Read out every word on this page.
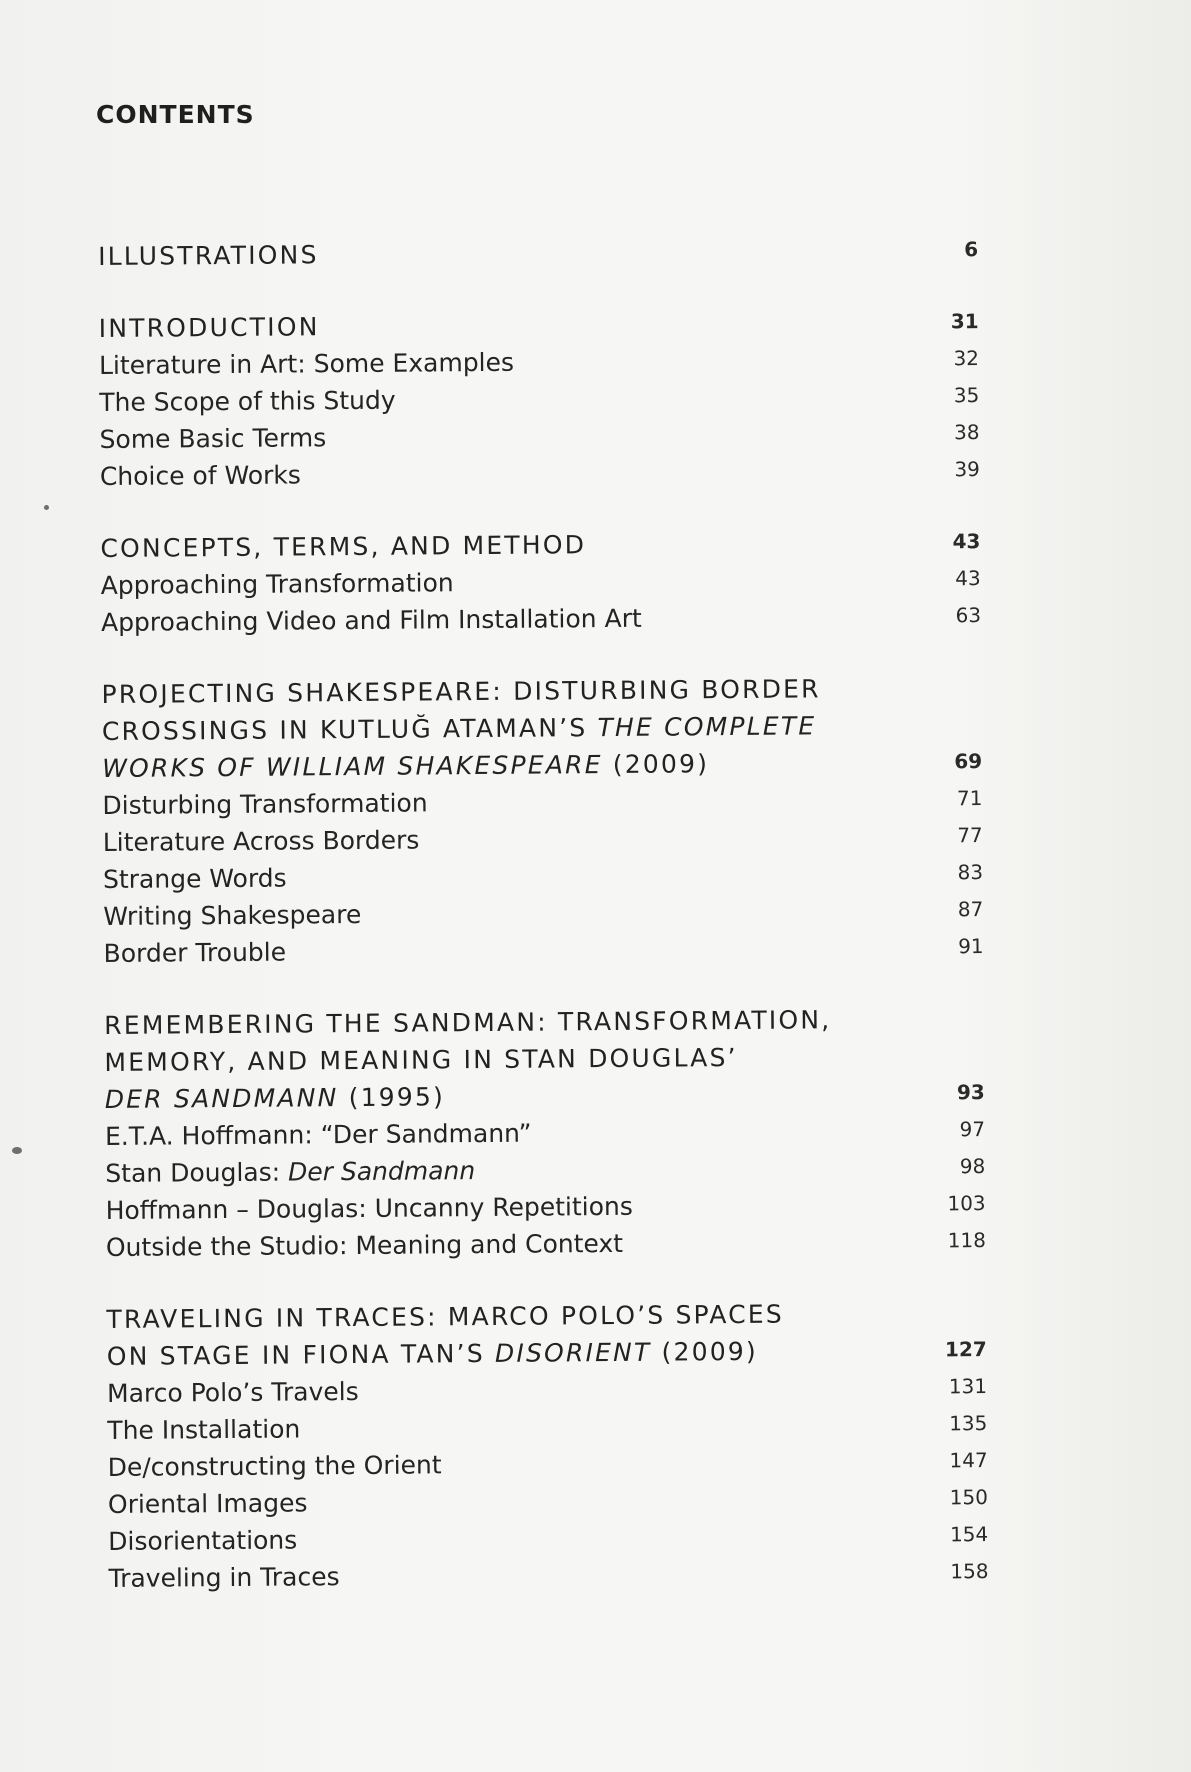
CONTENTS
ILLUSTRATIONS	6
INTRODUCTION	31
Literature in Art: Some Examples	32
The Scope of this Study	35
Some Basic Terms	38
Choice of Works	39
CONCEPTS, TERMS, AND METHOD	43
Approaching Transformation	43
Approaching Video and Film Installation Art	63
PROJECTING SHAKESPEARE: DISTURBING BORDER
CROSSINGS IN KUTLUĞ ATAMAN’S THE COMPLETE
WORKS OF WILLIAM SHAKESPEARE (2009)	69
Disturbing Transformation	71
Literature Across Borders	77
Strange Words	83
Writing Shakespeare	87
Border Trouble	91
REMEMBERING THE SANDMAN: TRANSFORMATION,
MEMORY, AND MEANING IN STAN DOUGLAS’
DER SANDMANN (1995)	93
E.T.A. Hoffmann: “Der Sandmann”	97
Stan Douglas: Der Sandmann	98
Hoffmann – Douglas: Uncanny Repetitions	103
Outside the Studio: Meaning and Context	118
TRAVELING IN TRACES: MARCO POLO’S SPACES
ON STAGE IN FIONA TAN’S DISORIENT (2009)	127
Marco Polo’s Travels	131
The Installation	135
De/constructing the Orient	147
Oriental Images	150
Disorientations	154
Traveling in Traces	158
